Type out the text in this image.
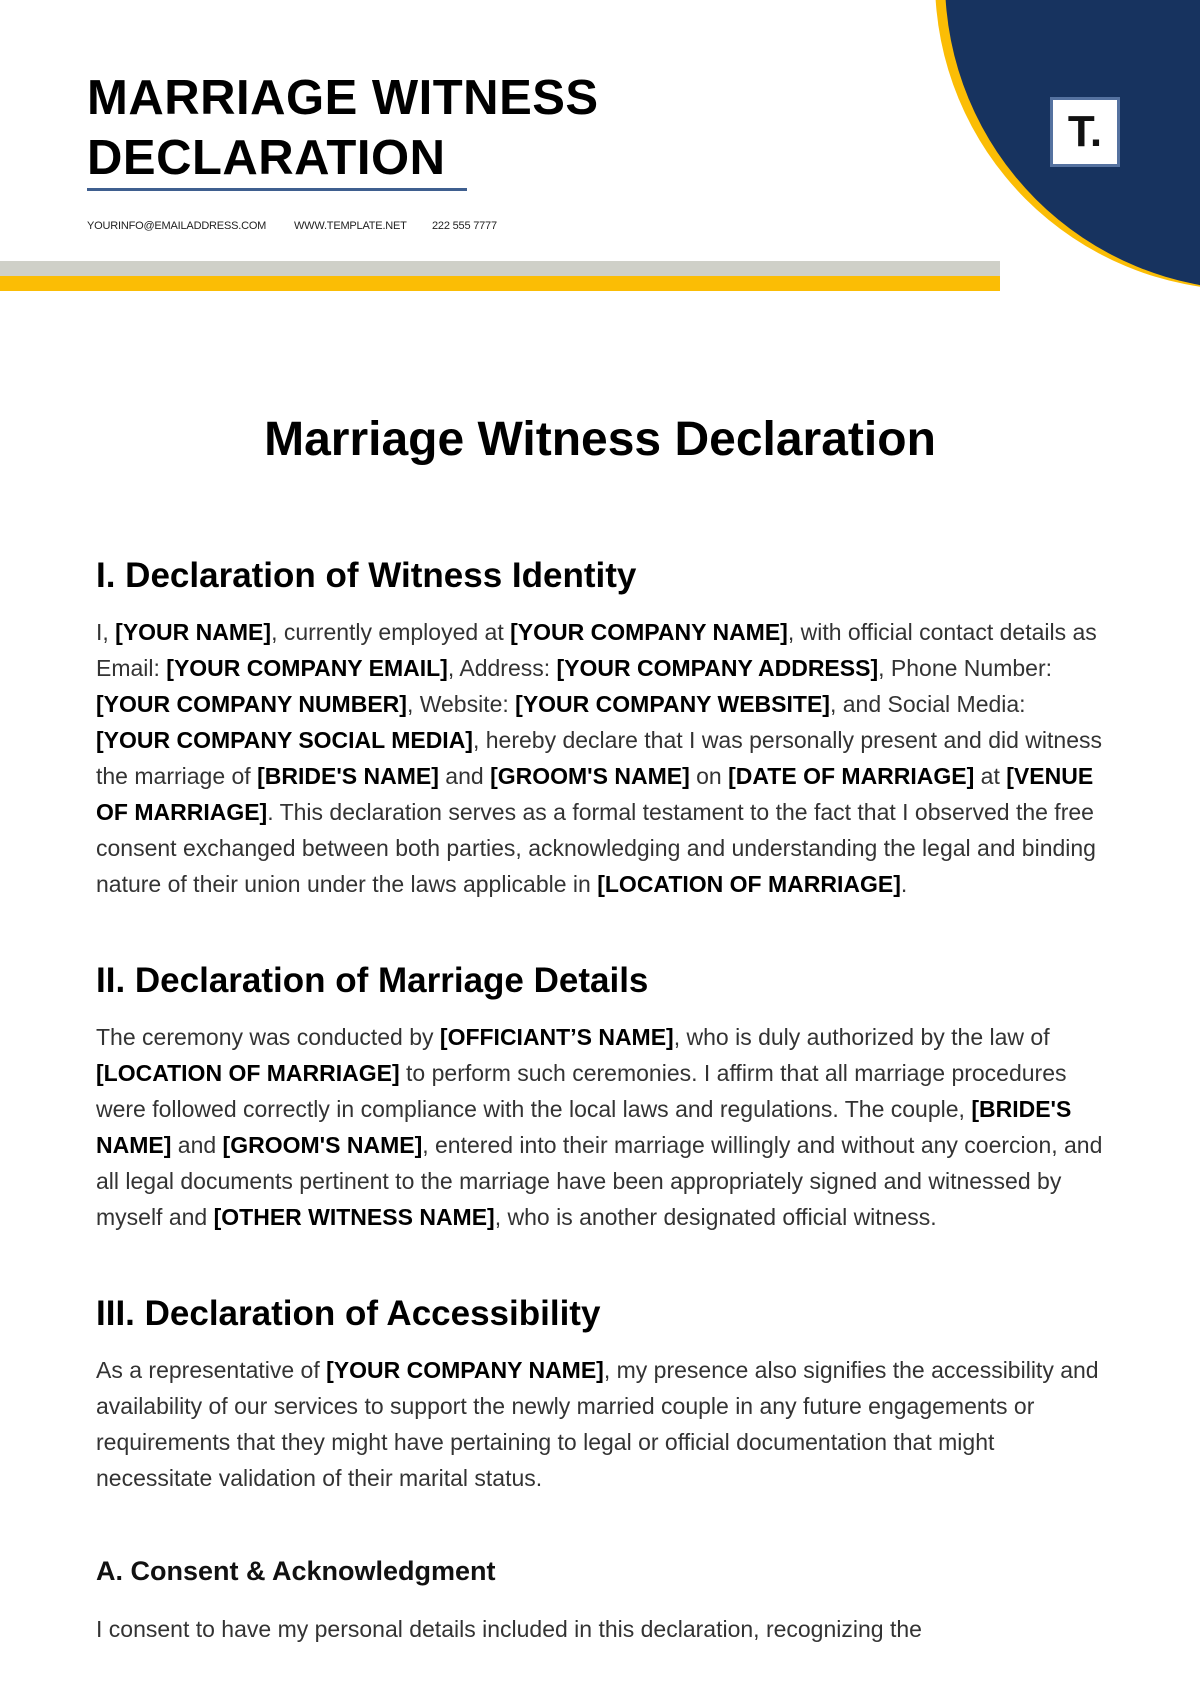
MARRIAGE WITNESS
DECLARATION
YOURINFO@EMAILADDRESS.COM	WWW.TEMPLATE.NET 222 555 7777
T.
Marriage Witness Declaration
I. Declaration of Witness Identity

I, [YOUR NAME], currently employed at [YOUR COMPANY NAME], with official contact details as Email: [YOUR COMPANY EMAIL], Address: [YOUR COMPANY ADDRESS], Phone Number: [YOUR COMPANY NUMBER], Website: [YOUR COMPANY WEBSITE], and Social Media: [YOUR COMPANY SOCIAL MEDIA], hereby declare that I was personally present and did witness the marriage of [BRIDE'S NAME] and [GROOM'S NAME] on [DATE OF MARRIAGE] at [VENUE OF MARRIAGE]. This declaration serves as a formal testament to the fact that I observed the free consent exchanged between both parties, acknowledging and understanding the legal and binding nature of their union under the laws applicable in [LOCATION OF MARRIAGE].

II. Declaration of Marriage Details

The ceremony was conducted by [OFFICIANT’S NAME], who is duly authorized by the law of [LOCATION OF MARRIAGE] to perform such ceremonies. I affirm that all marriage procedures were followed correctly in compliance with the local laws and regulations. The couple, [BRIDE'S NAME] and [GROOM'S NAME], entered into their marriage willingly and without any coercion, and all legal documents pertinent to the marriage have been appropriately signed and witnessed by myself and [OTHER WITNESS NAME], who is another designated official witness.

III. Declaration of Accessibility

As a representative of [YOUR COMPANY NAME], my presence also signifies the accessibility and availability of our services to support the newly married couple in any future engagements or requirements that they might have pertaining to legal or official documentation that might necessitate validation of their marital status.

A. Consent & Acknowledgment

I consent to have my personal details included in this declaration, recognizing the
